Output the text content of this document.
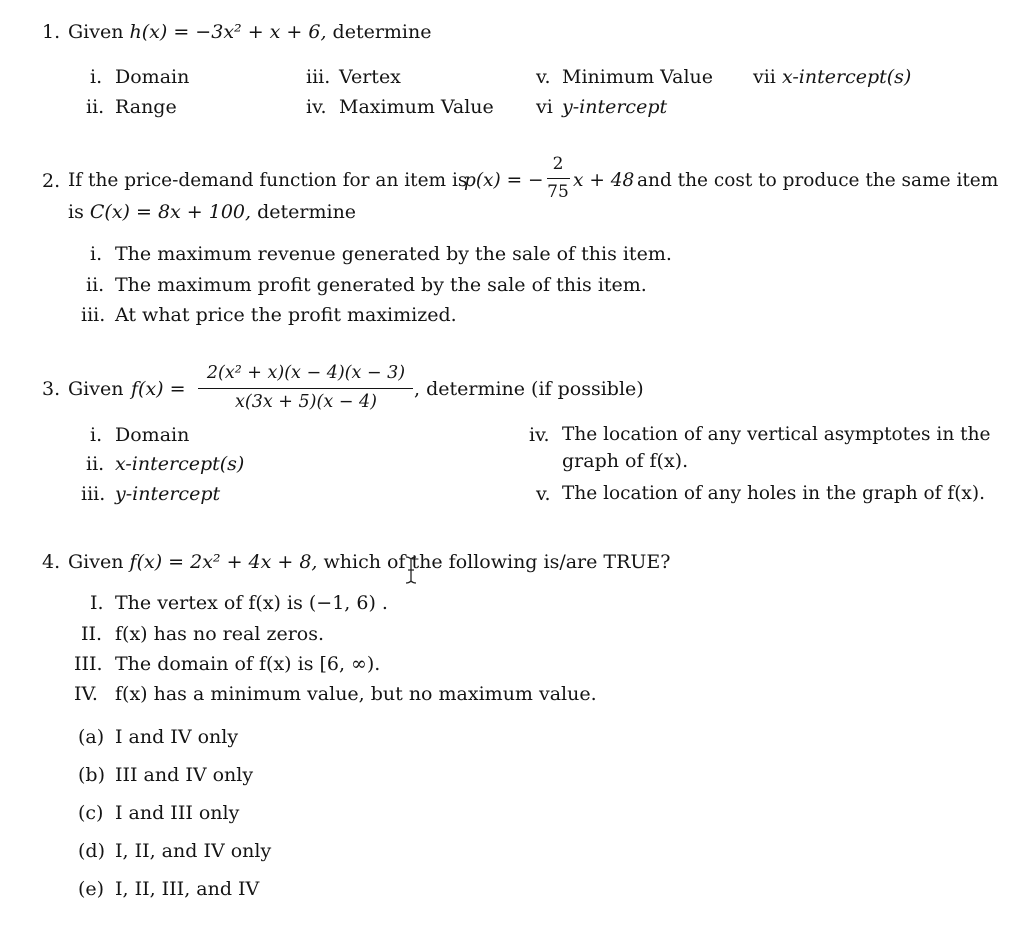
1. Given h(x) = −3x² + x + 6, determine
i. Domain
ii. Range
iii. Vertex
iv. Maximum Value
v. Minimum Value
vi y-intercept
vii x-intercept(s)
2. If the price-demand function for an item is
p(x) = −
2
75
x + 48 and the cost to produce the same item
is C(x) = 8x + 100, determine
i. The maximum revenue generated by the sale of this item.
ii. The maximum profit generated by the sale of this item.
iii. At what price the profit maximized.
3. Given f(x) =
2(x² + x)(x − 4)(x − 3)
x(3x + 5)(x − 4)
, determine (if possible)
i. Domain
ii. x-intercept(s)
iii. y-intercept
iv. The location of any vertical asymptotes in the
graph of f(x).
v. The location of any holes in the graph of f(x).
4. Given f(x) = 2x² + 4x + 8, which of the following is/are TRUE?
I. The vertex of f(x) is (−1, 6) .
II. f(x) has no real zeros.
III. The domain of f(x) is [6, ∞).
IV. f(x) has a minimum value, but no maximum value.
(a) I and IV only
(b) III and IV only
(c) I and III only
(d) I, II, and IV only
(e) I, II, III, and IV
